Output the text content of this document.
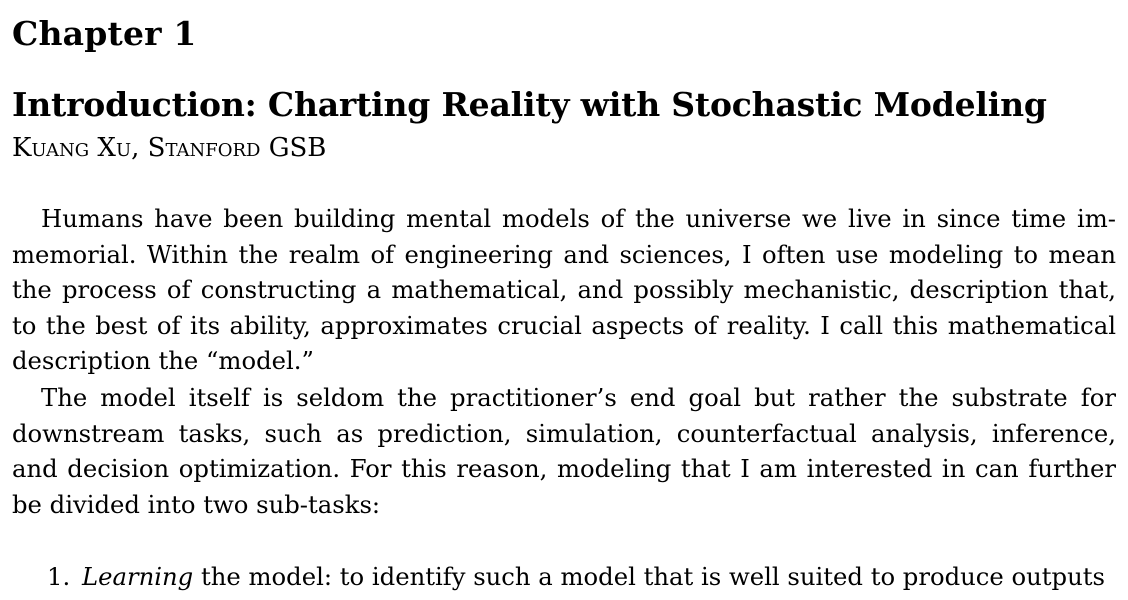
Chapter 1
Introduction: Charting Reality with Stochastic Modeling
Kuang Xu, Stanford GSB

Humans have been building mental models of the universe we live in since time immemorial. Within the realm of engineering and sciences, I often use modeling to mean the process of constructing a mathematical, and possibly mechanistic, description that, to the best of its ability, approximates crucial aspects of reality. I call this mathematical description the “model.”

The model itself is seldom the practitioner’s end goal but rather the substrate for downstream tasks, such as prediction, simulation, counterfactual analysis, inference, and decision optimization. For this reason, modeling that I am interested in can further be divided into two sub-tasks:

1. Learning the model: to identify such a model that is well suited to produce outputs
